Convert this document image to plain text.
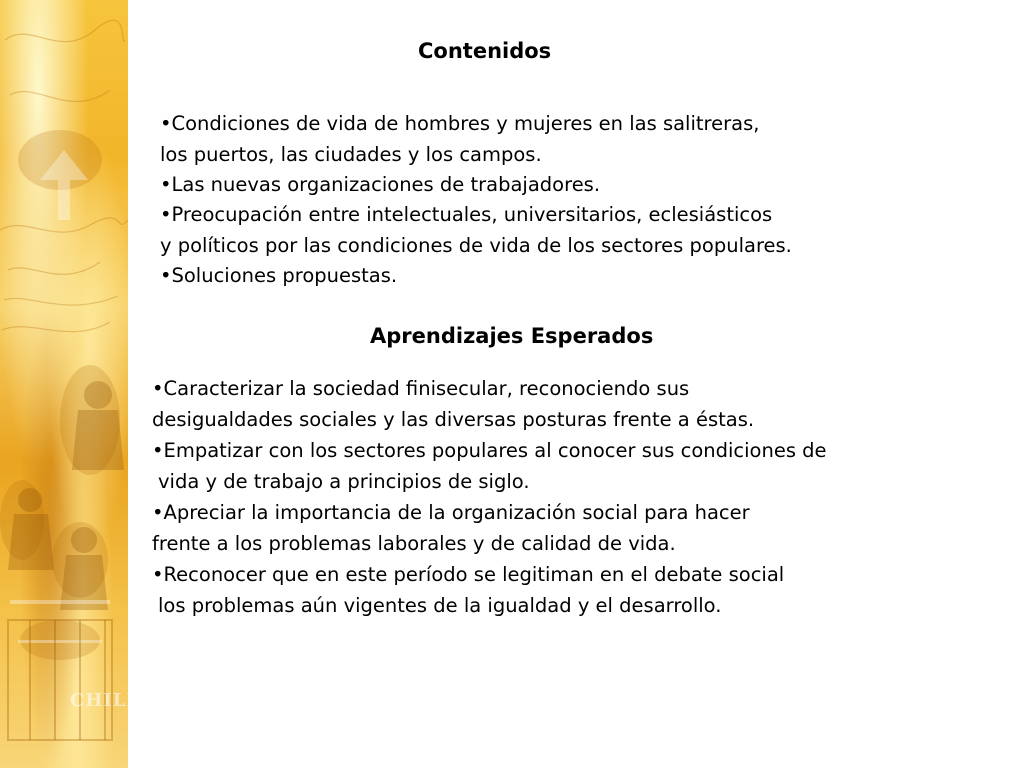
CHILE
Contenidos

•Condiciones de vida de hombres y mujeres en las salitreras,

los puertos, las ciudades y los campos.

•Las nuevas organizaciones de trabajadores.

•Preocupación entre intelectuales, universitarios, eclesiásticos

y políticos por las condiciones de vida de los sectores populares.

•Soluciones propuestas.

Aprendizajes Esperados

•Caracterizar la sociedad finisecular, reconociendo sus

desigualdades sociales y las diversas posturas frente a éstas.

•Empatizar con los sectores populares al conocer sus condiciones de

vida y de trabajo a principios de siglo.

•Apreciar la importancia de la organización social para hacer

frente a los problemas laborales y de calidad de vida.

•Reconocer que en este período se legitiman en el debate social

los problemas aún vigentes de la igualdad y el desarrollo.
